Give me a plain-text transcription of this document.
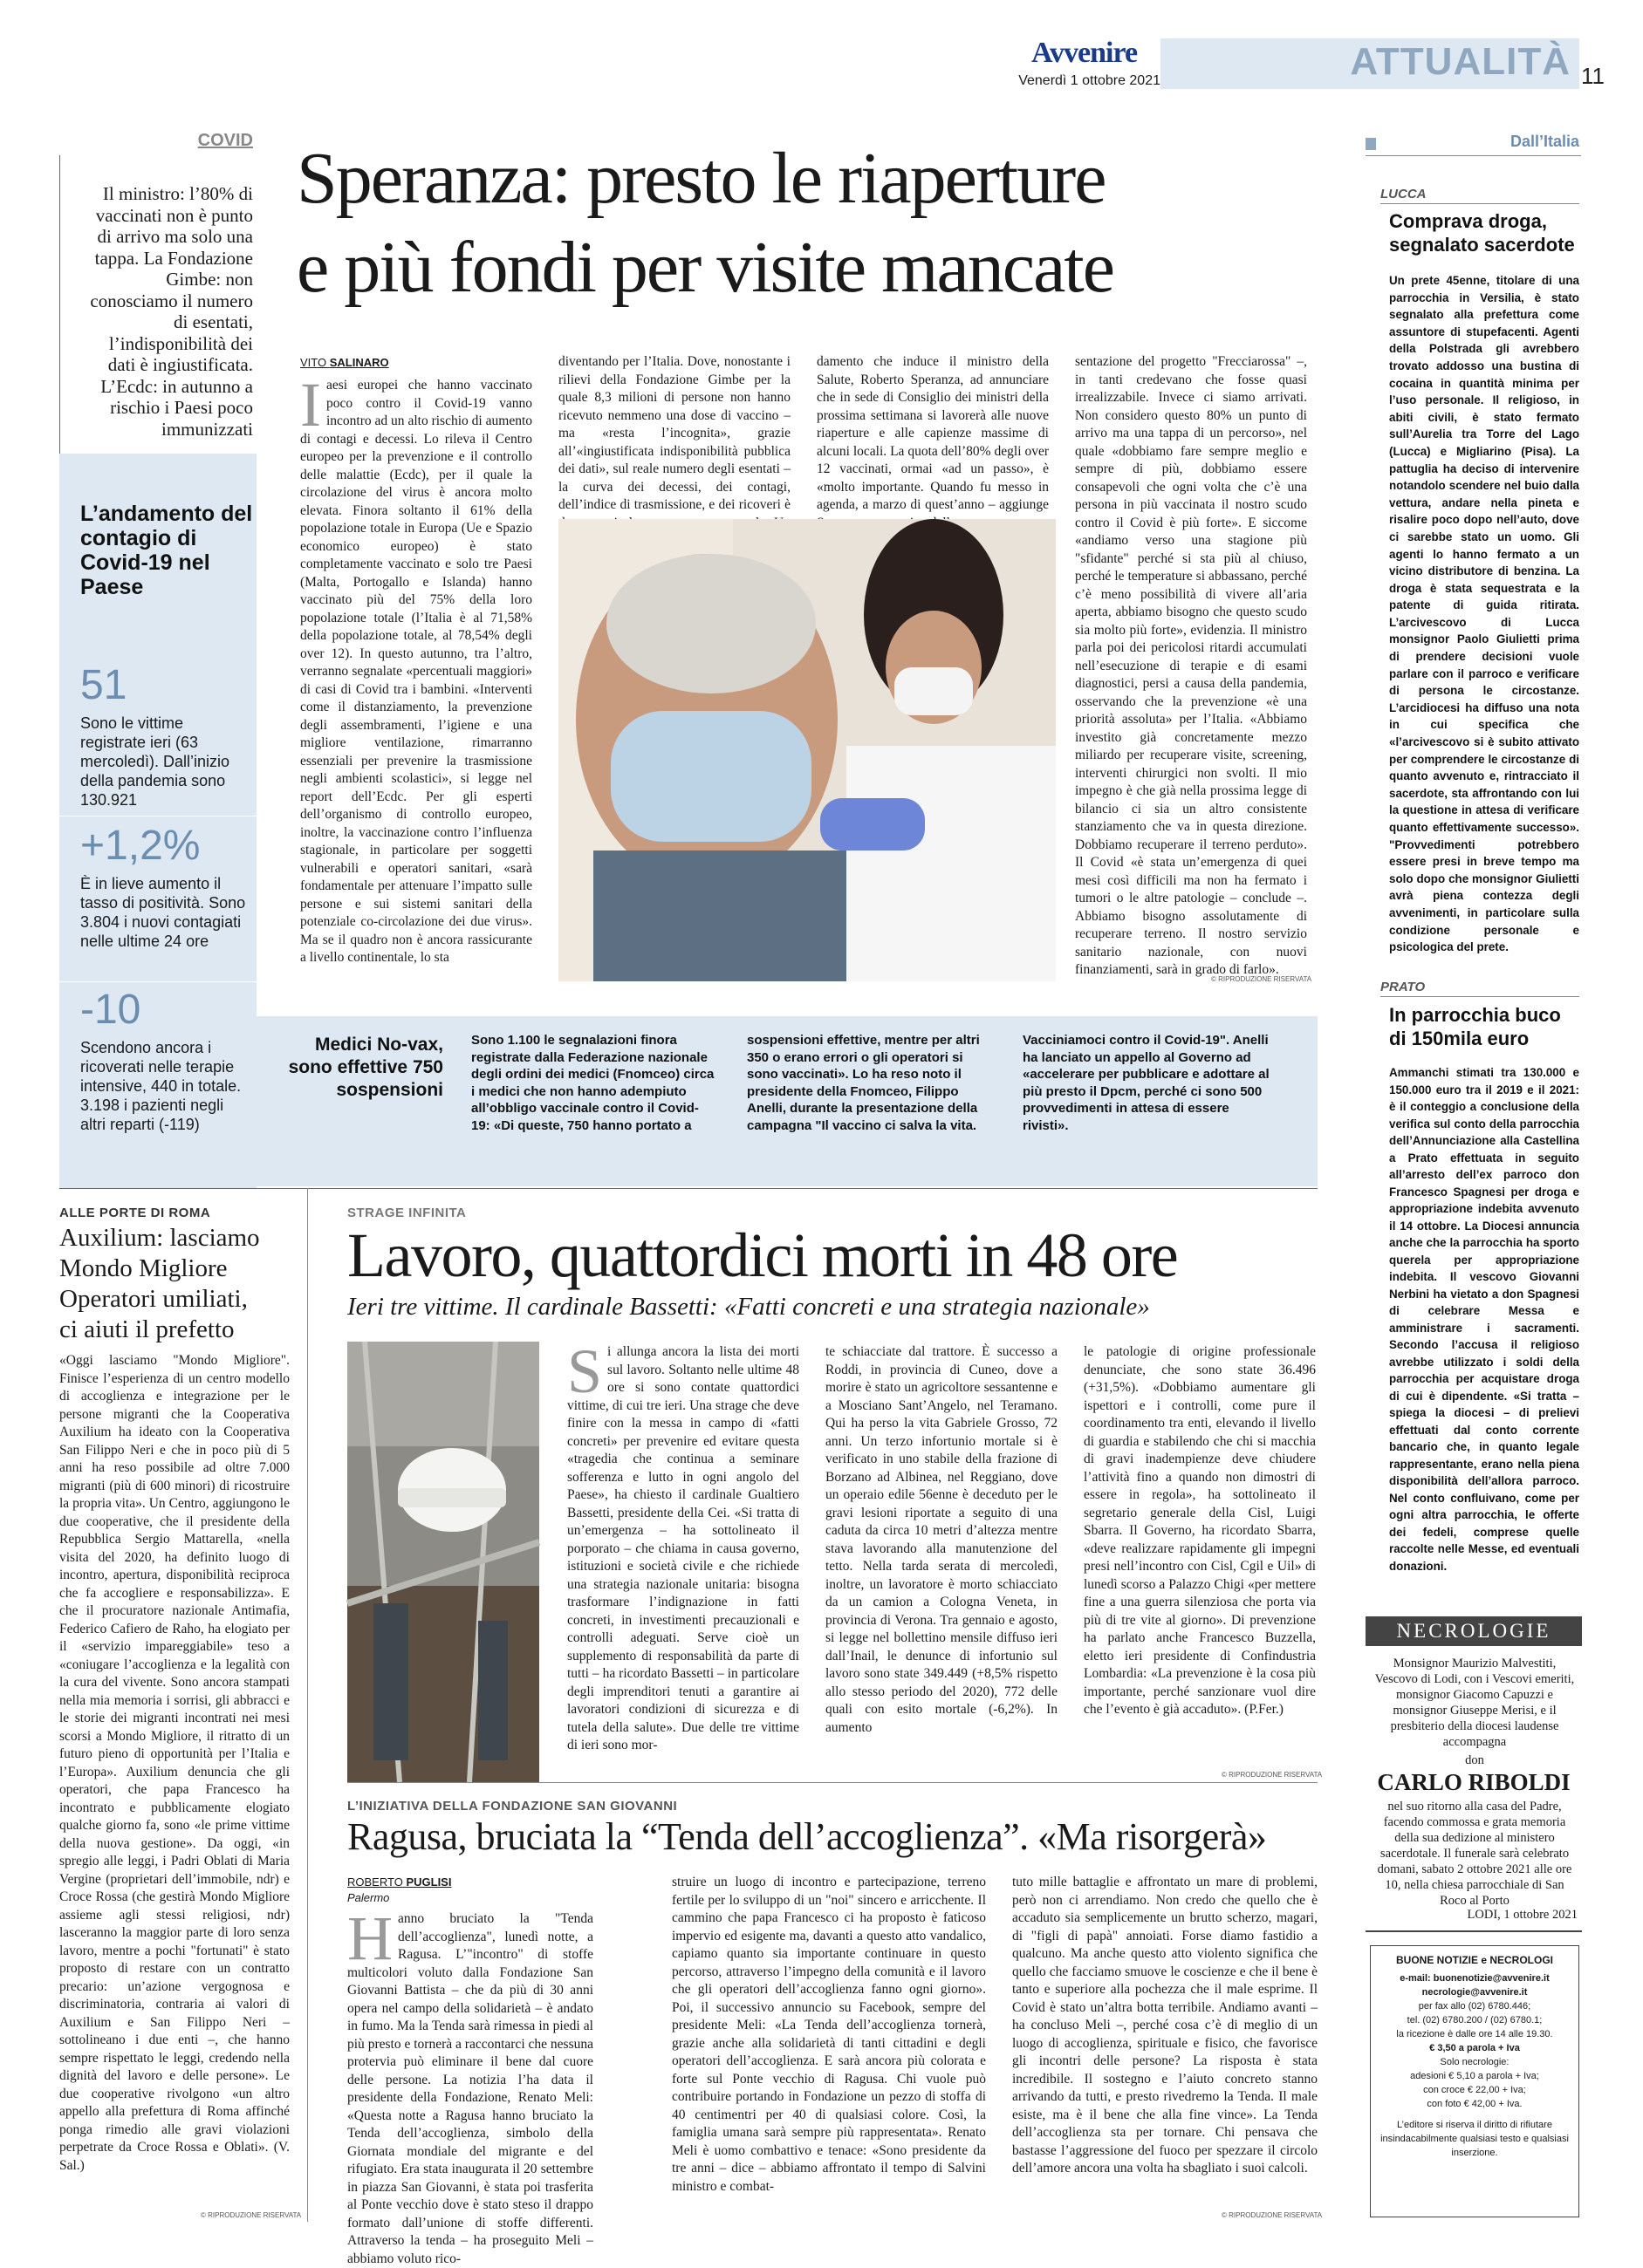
Avvenire
Venerdì 1 ottobre 2021	ATTUALITÀ 11
COVID
Il ministro: l’80% di vaccinati non è punto di arrivo ma solo una tappa. La Fondazione Gimbe: non conosciamo il numero di esentati, l’indisponibilità dei dati è ingiustificata. L’Ecdc: in autunno a rischio i Paesi poco immunizzati
Speranza: presto le riaperture
e più fondi per visite mancate
VITO SALINARO
L’andamento del contagio di Covid-19 nel Paese
51
Sono le vittime registrate ieri (63 mercoledì). Dall’inizio della pandemia sono 130.921
+1,2%
È in lieve aumento il tasso di positività. Sono 3.804 i nuovi contagiati nelle ultime 24 ore
-10
Scendono ancora i ricoverati nelle terapie intensive, 440 in totale. 3.198 i pazienti negli altri reparti (-119)
Iaesi europei che hanno vaccinato poco contro il Covid-19 vanno incontro ad un alto rischio di aumento di contagi e decessi. Lo rileva il Centro europeo per la prevenzione e il controllo delle malattie (Ecdc), per il quale la circolazione del virus è ancora molto elevata. Finora soltanto il 61% della popolazione totale in Europa (Ue e Spazio economico europeo) è stato completamente vaccinato e solo tre Paesi (Malta, Portogallo e Islanda) hanno vaccinato più del 75% della loro popolazione totale (l’Italia è al 71,58% della popolazione totale, al 78,54% degli over 12). In questo autunno, tra l’altro, verranno segnalate «percentuali maggiori» di casi di Covid tra i bambini. «Interventi come il distanziamento, la prevenzione degli assembramenti, l’igiene e una migliore ventilazione, rimarranno essenziali per prevenire la trasmissione negli ambienti scolastici», si legge nel report dell’Ecdc. Per gli esperti dell’organismo di controllo europeo, inoltre, la vaccinazione contro l’influenza stagionale, in particolare per soggetti vulnerabili e operatori sanitari, «sarà fondamentale per attenuare l’impatto sulle persone e sui sistemi sanitari della potenziale co-circolazione dei due virus». Ma se il quadro non è ancora rassicurante a livello continentale, lo sta
diventando per l’Italia. Dove, nonostante i rilievi della Fondazione Gimbe per la quale 8,3 milioni di persone non hanno ricevuto nemmeno una dose di vaccino – ma «resta l’incognita», grazie all’«ingiustificata indisponibilità pubblica dei dati», sul reale numero degli esentati – la curva dei decessi, dei contagi, dell’indice di trasmissione, e dei ricoveri è
damento che induce il ministro della Salute, Roberto Speranza, ad annunciare che in sede di Consiglio dei ministri della prossima settimana si lavorerà alle nuove riaperture e alle capienze massime di alcuni locali. La quota dell’80% degli over 12 vaccinati, ormai «ad un passo», è «molto importante. Quando fu messo in agenda, a marzo di quest’anno – aggiunge
sentazione del progetto "Frecciarossa" –, in tanti credevano che fosse quasi irrealizzabile. Invece ci siamo arrivati. Non considero questo 80% un punto di arrivo ma una tappa di un percorso», nel quale «dobbiamo fare sempre meglio e sempre di più, dobbiamo essere consapevoli che ogni volta che c’è una persona in più vaccinata il nostro scudo contro il Covid è più forte». E siccome «andiamo verso una stagione più "sfidante" perché si sta più al chiuso, perché le temperature si abbassano, perché c’è meno possibilità di vivere all’aria aperta, abbiamo bisogno che questo scudo sia molto più forte», evidenzia. Il ministro parla poi dei pericolosi ritardi accumulati nell’esecuzione di terapie e di esami diagnostici, persi a causa della pandemia, osservando che la prevenzione «è una priorità assoluta» per l’Italia. «Abbiamo investito già concretamente mezzo miliardo per recuperare visite, screening, interventi chirurgici non svolti. Il mio impegno è che già nella prossima legge di bilancio ci sia un altro consistente stanziamento che va in questa direzione. Dobbiamo recuperare il terreno perduto». Il Covid «è stata un’emergenza di quei mesi così difficili ma non ha fermato i tumori o le altre patologie – conclude –. Abbiamo bisogno assolutamente di recuperare terreno. Il nostro servizio sanitario nazionale, con nuovi finanziamenti, sarà in grado di farlo».
© RIPRODUZIONE RISERVATA
Medici No-vax, sono effettive 750 sospensioni
Sono 1.100 le segnalazioni finora registrate dalla Federazione nazionale degli ordini dei medici (Fnomceo) circa i medici che non hanno adempiuto all’obbligo vaccinale contro il Covid-19: «Di queste, 750 hanno portato a
sospensioni effettive, mentre per altri 350 o erano errori o gli operatori si sono vaccinati». Lo ha reso noto il presidente della Fnomceo, Filippo Anelli, durante la presentazione della campagna "Il vaccino ci salva la vita.
Vacciniamoci contro il Covid-19". Anelli ha lanciato un appello al Governo ad «accelerare per pubblicare e adottare al più presto il Dpcm, perché ci sono 500 provvedimenti in attesa di essere rivisti».
Dall’Italia
LUCCA
Comprava droga, segnalato sacerdote
Un prete 45enne, titolare di una parrocchia in Versilia, è stato segnalato alla prefettura come assuntore di stupefacenti. Agenti della Polstrada gli avrebbero trovato addosso una bustina di cocaina in quantità minima per l’uso personale. Il religioso, in abiti civili, è stato fermato sull’Aurelia tra Torre del Lago (Lucca) e Migliarino (Pisa). La pattuglia ha deciso di intervenire notandolo scendere nel buio dalla vettura, andare nella pineta e risalire poco dopo nell’auto, dove ci sarebbe stato un uomo. Gli agenti lo hanno fermato a un vicino distributore di benzina. La droga è stata sequestrata e la patente di guida ritirata. L’arcivescovo di Lucca monsignor Paolo Giulietti prima di prendere decisioni vuole parlare con il parroco e verificare di persona le circostanze. L’arcidiocesi ha diffuso una nota in cui specifica che «l’arcivescovo si è subito attivato per comprendere le circostanze di quanto avvenuto e, rintracciato il sacerdote, sta affrontando con lui la questione in attesa di verificare quanto effettivamente successo». "Provvedimenti potrebbero essere presi in breve tempo ma solo dopo che monsignor Giulietti avrà piena contezza degli avvenimenti, in particolare sulla condizione personale e psicologica del prete.
PRATO
In parrocchia buco di 150mila euro
Ammanchi stimati tra 130.000 e 150.000 euro tra il 2019 e il 2021: è il conteggio a conclusione della verifica sul conto della parrocchia dell’Annunciazione alla Castellina a Prato effettuata in seguito all’arresto dell’ex parroco don Francesco Spagnesi per droga e appropriazione indebita avvenuto il 14 ottobre. La Diocesi annuncia anche che la parrocchia ha sporto querela per appropriazione indebita. Il vescovo Giovanni Nerbini ha vietato a don Spagnesi di celebrare Messa e amministrare i sacramenti. Secondo l’accusa il religioso avrebbe utilizzato i soldi della parrocchia per acquistare droga di cui è dipendente. «Si tratta – spiega la diocesi – di prelievi effettuati dal conto corrente bancario che, in quanto legale rappresentante, erano nella piena disponibilità dell’allora parroco. Nel conto confluivano, come per ogni altra parrocchia, le offerte dei fedeli, comprese quelle raccolte nelle Messe, ed eventuali donazioni.
NECROLOGIE
Monsignor Maurizio Malvestiti, Vescovo di Lodi, con i Vescovi emeriti, monsignor Giacomo Capuzzi e monsignor Giuseppe Merisi, e il presbiterio della diocesi laudense accompagna
don
CARLO RIBOLDI
nel suo ritorno alla casa del Padre, facendo commossa e grata memoria della sua dedizione al ministero sacerdotale. Il funerale sarà celebrato domani, sabato 2 ottobre 2021 alle ore 10, nella chiesa parrocchiale di San Roco al Porto
LODI, 1 ottobre 2021
BUONE NOTIZIE e NECROLOGI
e-mail: buonenotizie@avvenire.it
necrologie@avvenire.it
per fax allo (02) 6780.446;
tel. (02) 6780.200 / (02) 6780.1;
la ricezione è dalle ore 14 alle 19.30.
€ 3,50 a parola + Iva
Solo necrologie:
adesioni € 5,10 a parola + Iva;
con croce € 22,00 + Iva;
con foto € 42,00 + Iva.
L’editore si riserva il diritto di rifiutare insindacabilmente qualsiasi testo e qualsiasi inserzione.
ALLE PORTE DI ROMA
Auxilium: lasciamo Mondo Migliore Operatori umiliati, ci aiuti il prefetto
«Oggi lasciamo "Mondo Migliore". Finisce l’esperienza di un centro modello di accoglienza e integrazione per le persone migranti che la Cooperativa Auxilium ha ideato con la Cooperativa San Filippo Neri e che in poco più di 5 anni ha reso possibile ad oltre 7.000 migranti (più di 600 minori) di ricostruire la propria vita». Un Centro, aggiungono le due cooperative, che il presidente della Repubblica Sergio Mattarella, «nella visita del 2020, ha definito luogo di incontro, apertura, disponibilità reciproca che fa accogliere e responsabilizza». E che il procuratore nazionale Antimafia, Federico Cafiero de Raho, ha elogiato per il «servizio impareggiabile» teso a «coniugare l’accoglienza e la legalità con la cura del vivente. Sono ancora stampati nella mia memoria i sorrisi, gli abbracci e le storie dei migranti incontrati nei mesi scorsi a Mondo Migliore, il ritratto di un futuro pieno di opportunità per l’Italia e l’Europa». Auxilium denuncia che gli operatori, che papa Francesco ha incontrato e pubblicamente elogiato qualche giorno fa, sono «le prime vittime della nuova gestione». Da oggi, «in spregio alle leggi, i Padri Oblati di Maria Vergine (proprietari dell’immobile, ndr) e Croce Rossa (che gestirà Mondo Migliore assieme agli stessi religiosi, ndr) lasceranno la maggior parte di loro senza lavoro, mentre a pochi "fortunati" è stato proposto di restare con un contratto precario: un’azione vergognosa e discriminatoria, contraria ai valori di Auxilium e San Filippo Neri – sottolineano i due enti –, che hanno sempre rispettato le leggi, credendo nella dignità del lavoro e delle persone». Le due cooperative rivolgono «un altro appello alla prefettura di Roma affinché ponga rimedio alle gravi violazioni perpetrate da Croce Rossa e Oblati». (V. Sal.)
© RIPRODUZIONE RISERVATA
STRAGE INFINITA
Lavoro, quattordici morti in 48 ore
Ieri tre vittime. Il cardinale Bassetti: «Fatti concreti e una strategia nazionale»
Si allunga ancora la lista dei morti sul lavoro. Soltanto nelle ultime 48 ore si sono contate quattordici vittime, di cui tre ieri. Una strage che deve finire con la messa in campo di «fatti concreti» per prevenire ed evitare questa «tragedia che continua a seminare sofferenza e lutto in ogni angolo del Paese», ha chiesto il cardinale Gualtiero Bassetti, presidente della Cei. «Si tratta di un’emergenza – ha sottolineato il porporato – che chiama in causa governo, istituzioni e società civile e che richiede una strategia nazionale unitaria: bisogna trasformare l’indignazione in fatti concreti, in investimenti precauzionali e controlli adeguati. Serve cioè un supplemento di responsabilità da parte di tutti – ha ricordato Bassetti – in particolare degli imprenditori tenuti a garantire ai lavoratori condizioni di sicurezza e di tutela della salute». Due delle tre vittime di ieri sono mor-
te schiacciate dal trattore. È successo a Roddi, in provincia di Cuneo, dove a morire è stato un agricoltore sessantenne e a Mosciano Sant’Angelo, nel Teramano. Qui ha perso la vita Gabriele Grosso, 72 anni. Un terzo infortunio mortale si è verificato in uno stabile della frazione di Borzano ad Albinea, nel Reggiano, dove un operaio edile 56enne è deceduto per le gravi lesioni riportate a seguito di una caduta da circa 10 metri d’altezza mentre stava lavorando alla manutenzione del tetto. Nella tarda serata di mercoledì, inoltre, un lavoratore è morto schiacciato da un camion a Cologna Veneta, in provincia di Verona. Tra gennaio e agosto, si legge nel bollettino mensile diffuso ieri dall’Inail, le denunce di infortunio sul lavoro sono state 349.449 (+8,5% rispetto allo stesso periodo del 2020), 772 delle quali con esito mortale (-6,2%). In aumento
le patologie di origine professionale denunciate, che sono state 36.496 (+31,5%). «Dobbiamo aumentare gli ispettori e i controlli, come pure il coordinamento tra enti, elevando il livello di guardia e stabilendo che chi si macchia di gravi inadempienze deve chiudere l’attività fino a quando non dimostri di essere in regola», ha sottolineato il segretario generale della Cisl, Luigi Sbarra. Il Governo, ha ricordato Sbarra, «deve realizzare rapidamente gli impegni presi nell’incontro con Cisl, Cgil e Uil» di lunedì scorso a Palazzo Chigi «per mettere fine a una guerra silenziosa che porta via più di tre vite al giorno». Di prevenzione ha parlato anche Francesco Buzzella, eletto ieri presidente di Confindustria Lombardia: «La prevenzione è la cosa più importante, perché sanzionare vuol dire che l’evento è già accaduto». (P.Fer.)
© RIPRODUZIONE RISERVATA
L’INIZIATIVA DELLA FONDAZIONE SAN GIOVANNI
Ragusa, bruciata la “Tenda dell’accoglienza”. «Ma risorgerà»
ROBERTO PUGLISI
Palermo
Hanno bruciato la "Tenda dell’accoglienza", lunedì notte, a Ragusa. L’"incontro" di stoffe multicolori voluto dalla Fondazione San Giovanni Battista – che da più di 30 anni opera nel campo della solidarietà – è andato in fumo. Ma la Tenda sarà rimessa in piedi al più presto e tornerà a raccontarci che nessuna protervia può eliminare il bene dal cuore delle persone. La notizia l’ha data il presidente della Fondazione, Renato Meli: «Questa notte a Ragusa hanno bruciato la Tenda dell’accoglienza, simbolo della Giornata mondiale del migrante e del rifugiato. Era stata inaugurata il 20 settembre in piazza San Giovanni, è stata poi trasferita al Ponte vecchio dove è stato steso il drappo formato dall’unione di stoffe differenti. Attraverso la tenda – ha proseguito Meli – abbiamo voluto rico-
struire un luogo di incontro e partecipazione, terreno fertile per lo sviluppo di un "noi" sincero e arricchente. Il cammino che papa Francesco ci ha proposto è faticoso impervio ed esigente ma, davanti a questo atto vandalico, capiamo quanto sia importante continuare in questo percorso, attraverso l’impegno della comunità e il lavoro che gli operatori dell’accoglienza fanno ogni giorno». Poi, il successivo annuncio su Facebook, sempre del presidente Meli: «La Tenda dell’accoglienza tornerà, grazie anche alla solidarietà di tanti cittadini e degli operatori dell’accoglienza. E sarà ancora più colorata e forte sul Ponte vecchio di Ragusa. Chi vuole può contribuire portando in Fondazione un pezzo di stoffa di 40 centimentri per 40 di qualsiasi colore. Così, la famiglia umana sarà sempre più rappresentata». Renato Meli è uomo combattivo e tenace: «Sono presidente da tre anni – dice – abbiamo affrontato il tempo di Salvini ministro e combat-
tuto mille battaglie e affrontato un mare di problemi, però non ci arrendiamo. Non credo che quello che è accaduto sia semplicemente un brutto scherzo, magari, di "figli di papà" annoiati. Forse diamo fastidio a qualcuno. Ma anche questo atto violento significa che quello che facciamo smuove le coscienze e che il bene è tanto e superiore alla pochezza che il male esprime. Il Covid è stato un’altra botta terribile. Andiamo avanti – ha concluso Meli –, perché cosa c’è di meglio di un luogo di accoglienza, spirituale e fisico, che favorisce gli incontri delle persone? La risposta è stata incredibile. Il sostegno e l’aiuto concreto stanno arrivando da tutti, e presto rivedremo la Tenda. Il male esiste, ma è il bene che alla fine vince». La Tenda dell’accoglienza sta per tornare. Chi pensava che bastasse l’aggressione del fuoco per spezzare il circolo dell’amore ancora una volta ha sbagliato i suoi calcoli.
© RIPRODUZIONE RISERVATA
